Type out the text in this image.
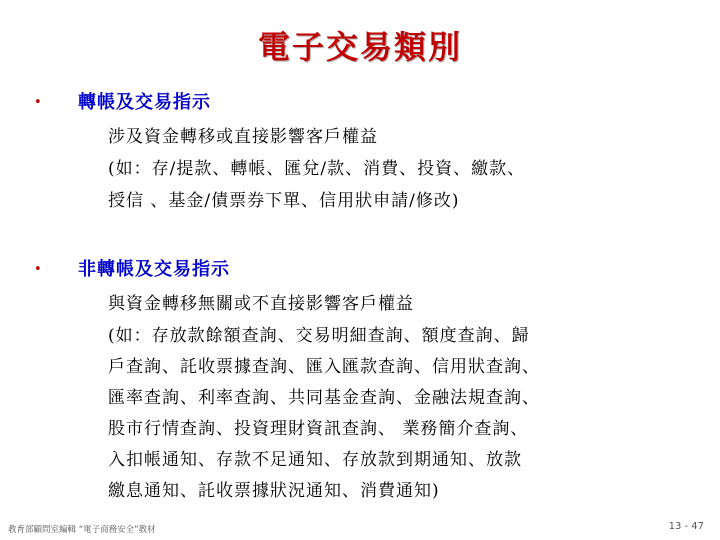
電子交易類別
• 轉帳及交易指示
涉及資金轉移或直接影響客戶權益
(如：存/提款、轉帳、匯兌/款、消費、投資、繳款、
授信 、基金/債票券下單、信用狀申請/修改)
• 非轉帳及交易指示
與資金轉移無關或不直接影響客戶權益
(如：存放款餘額查詢、交易明細查詢、額度查詢、歸
戶查詢、託收票據查詢、匯入匯款查詢、信用狀查詢、
匯率查詢、利率查詢、共同基金查詢、金融法規查詢、
股市行情查詢、投資理財資訊查詢、 業務簡介查詢、
入扣帳通知、存款不足通知、存放款到期通知、放款
繳息通知、託收票據狀況通知、消費通知)
教育部顧問室編輯 “電子商務安全”教材	13 - 47
